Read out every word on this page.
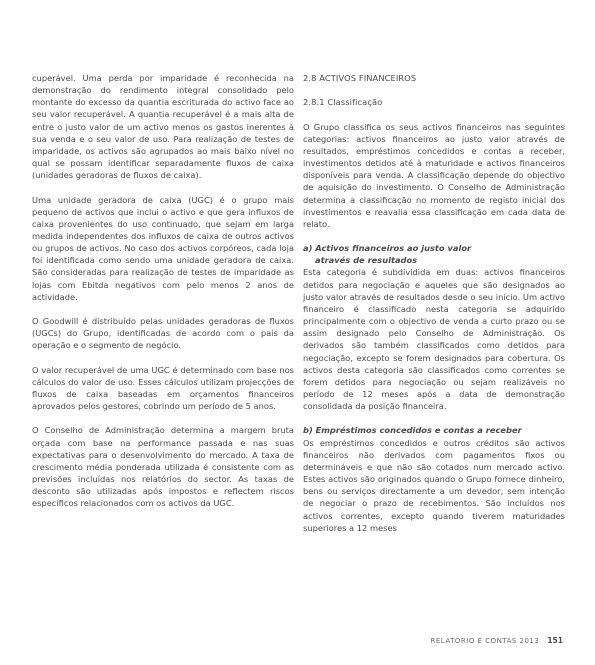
cuperável. Uma perda por imparidade é reconhecida na demonstração do rendimento integral consolidado pelo montante do excesso da quantia escriturada do activo face ao seu valor recuperável. A quantia recuperável é a mais alta de entre o justo valor de um activo menos os gastos inerentes à sua venda e o seu valor de uso. Para realização de testes de imparidade, os activos são agrupados ao mais baixo nível no qual se possam identificar separadamente fluxos de caixa (unidades geradoras de fluxos de caixa).

Uma unidade geradora de caixa (UGC) é o grupo mais pequeno de activos que inclui o activo e que gera influxos de caixa provenientes do uso continuado, que sejam em larga medida independentes dos influxos de caixa de outros activos ou grupos de activos. No caso dos activos corpóreos, cada loja foi identificada como sendo uma unidade geradora de caixa. São consideradas para realização de testes de imparidade as lojas com Ebitda negativos com pelo menos 2 anos de actividade.

O Goodwill é distribuído pelas unidades geradoras de fluxos (UGCs) do Grupo, identificadas de acordo com o país da operação e o segmento de negócio.

O valor recuperável de uma UGC é determinado com base nos cálculos do valor de uso. Esses cálculos utilizam projecções de fluxos de caixa baseadas em orçamentos financeiros aprovados pelos gestores, cobrindo um período de 5 anos.

O Conselho de Administração determina a margem bruta orçada com base na performance passada e nas suas expectativas para o desenvolvimento do mercado. A taxa de crescimento média ponderada utilizada é consistente com as previsões incluídas nos relatórios do sector. As taxas de desconto são utilizadas após impostos e reflectem riscos específicos relacionados com os activos da UGC.

2.8 ACTIVOS FINANCEIROS

2.8.1 Classificação

O Grupo classifica os seus activos financeiros nas seguintes categorias: activos financeiros ao justo valor através de resultados, empréstimos concedidos e contas a receber, investimentos detidos até à maturidade e activos financeiros disponíveis para venda. A classificação depende do objectivo de aquisição do investimento. O Conselho de Administração determina a classificação no momento de registo inicial dos investimentos e reavalia essa classificação em cada data de relato.

a) Activos financeiros ao justo valor
através de resultados

Esta categoria é subdividida em duas: activos financeiros detidos para negociação e aqueles que são designados ao justo valor através de resultados desde o seu início. Um activo financeiro é classificado nesta categoria se adquirido principalmente com o objectivo de venda a curto prazo ou se assim designado pelo Conselho de Administração. Os derivados são também classificados como detidos para negociação, excepto se forem designados para cobertura. Os activos desta categoria são classificados como correntes se forem detidos para negociação ou sejam realizáveis no período de 12 meses após a data de demonstração consolidada da posição financeira.

b) Empréstimos concedidos e contas a receber

Os empréstimos concedidos e outros créditos são activos financeiros não derivados com pagamentos fixos ou determináveis e que não são cotados num mercado activo. Estes activos são originados quando o Grupo fornece dinheiro, bens ou serviços directamente a um devedor, sem intenção de negociar o prazo de recebimentos. São incluídos nos activos correntes, excepto quando tiverem maturidades superiores a 12 meses

RELATÓRIO E CONTAS 2013 151
